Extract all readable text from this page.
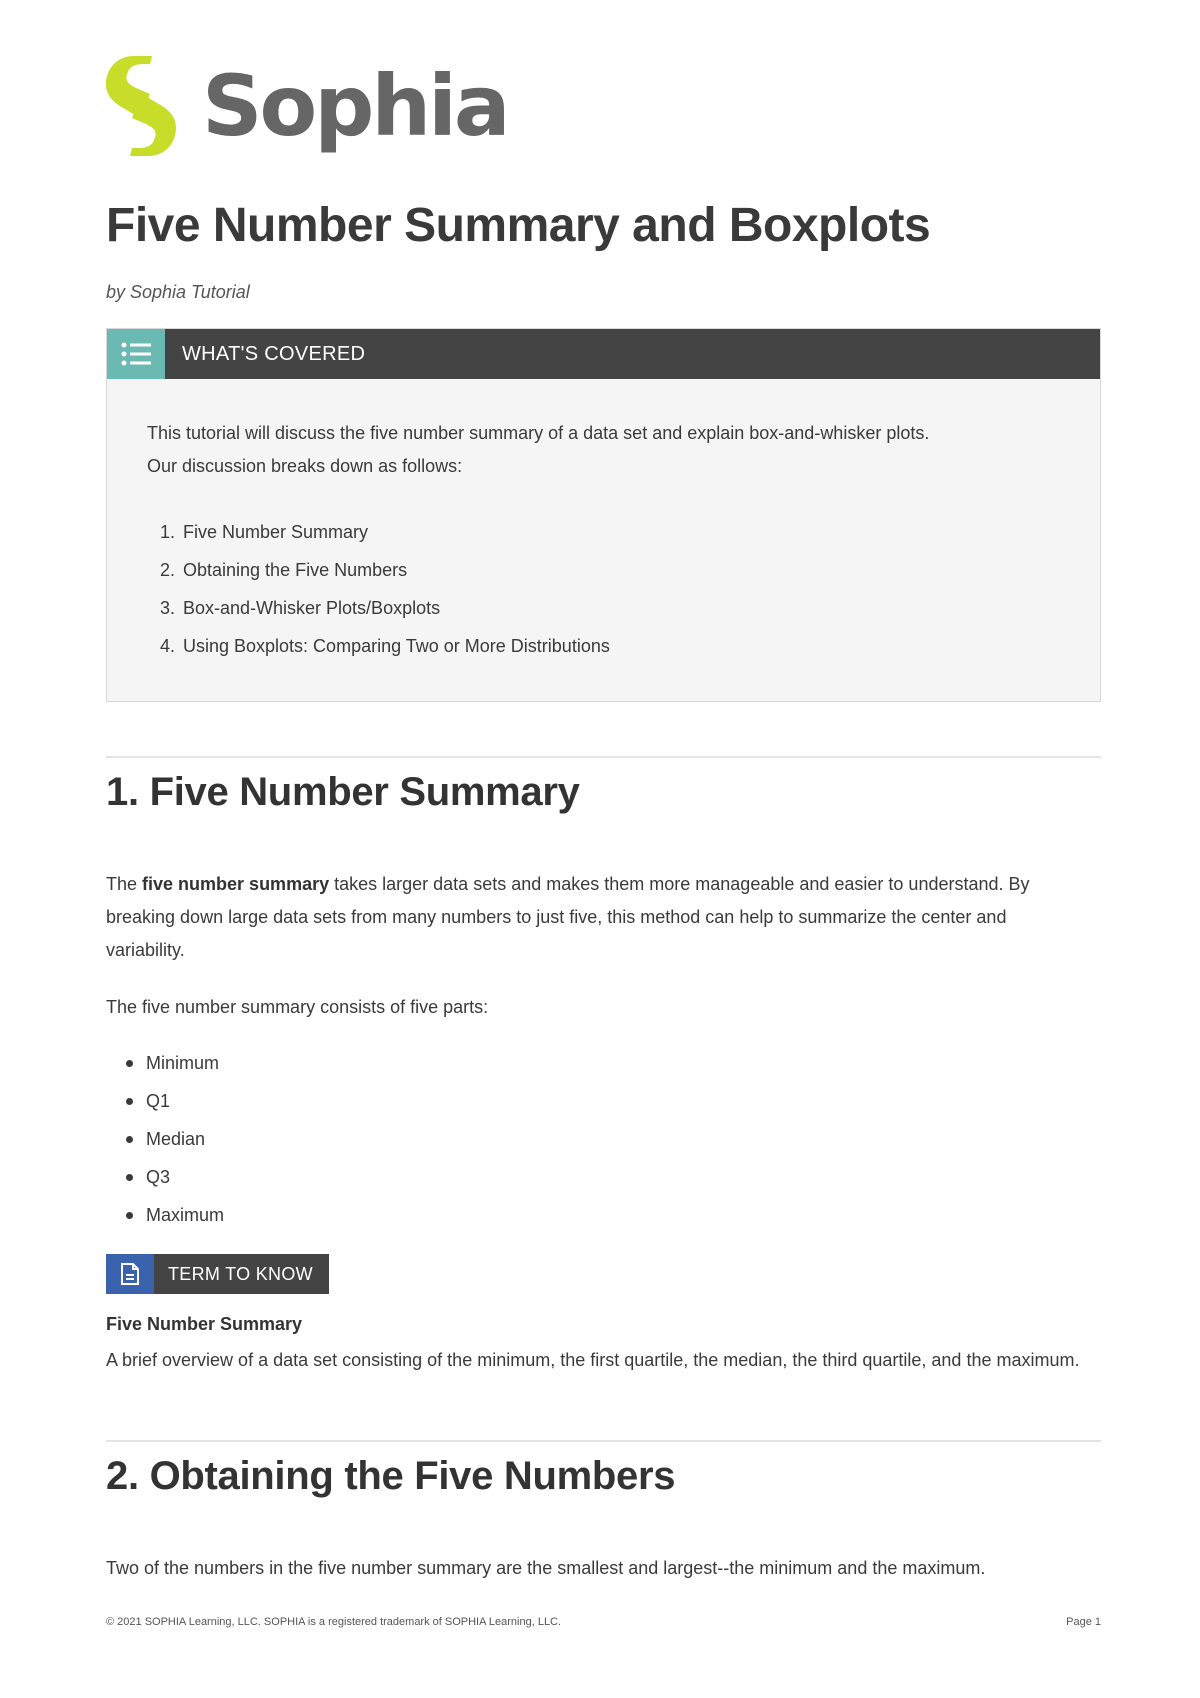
Sophia
Five Number Summary and Boxplots
by Sophia Tutorial
WHAT'S COVERED
This tutorial will discuss the five number summary of a data set and explain box-and-whisker plots.
Our discussion breaks down as follows:
1. Five Number Summary
2. Obtaining the Five Numbers
3. Box-and-Whisker Plots/Boxplots
4. Using Boxplots: Comparing Two or More Distributions
1. Five Number Summary
The five number summary takes larger data sets and makes them more manageable and easier to understand. By breaking down large data sets from many numbers to just five, this method can help to summarize the center and variability.
The five number summary consists of five parts:
Minimum
Q1
Median
Q3
Maximum
TERM TO KNOW
Five Number Summary
A brief overview of a data set consisting of the minimum, the first quartile, the median, the third quartile, and the maximum.
2. Obtaining the Five Numbers
Two of the numbers in the five number summary are the smallest and largest--the minimum and the maximum.
© 2021 SOPHIA Learning, LLC. SOPHIA is a registered trademark of SOPHIA Learning, LLC.	Page 1
